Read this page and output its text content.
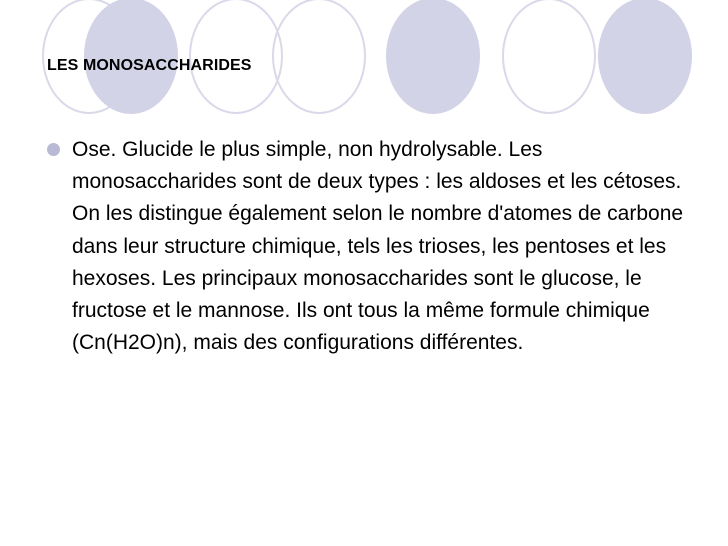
LES MONOSACCHARIDES
Ose. Glucide le plus simple, non hydrolysable. Les monosaccharides sont de deux types : les aldoses et les cétoses. On les distingue également selon le nombre d'atomes de carbone dans leur structure chimique, tels les trioses, les pentoses et les hexoses. Les principaux monosaccharides sont le glucose, le fructose et le mannose. Ils ont tous la même formule chimique (Cn(H2O)n), mais des configurations différentes.
